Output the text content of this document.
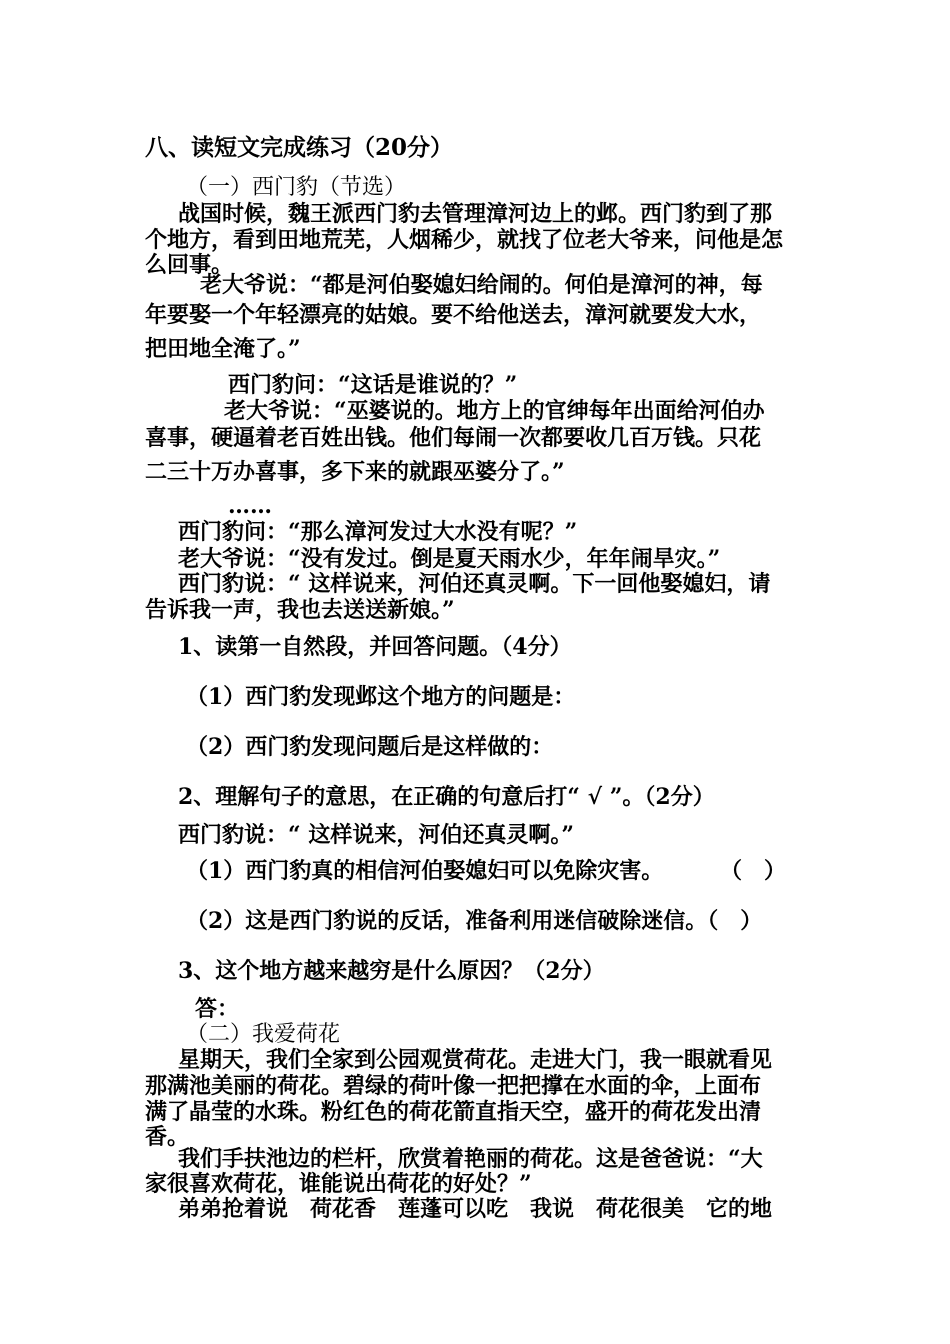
八、读短文完成练习（20分）
（一）西门豹（节选）
战国时候，魏王派西门豹去管理漳河边上的邺。西门豹到了那
个地方，看到田地荒芜，人烟稀少，就找了位老大爷来，问他是怎
么回事。
老大爷说：“都是河伯娶媳妇给闹的。何伯是漳河的神，每
年要娶一个年轻漂亮的姑娘。要不给他送去，漳河就要发大水，
把田地全淹了。”
西门豹问：“这话是谁说的？”
老大爷说：“巫婆说的。地方上的官绅每年出面给河伯办
喜事，硬逼着老百姓出钱。他们每闹一次都要收几百万钱。只花
二三十万办喜事，多下来的就跟巫婆分了。”
……
西门豹问：“那么漳河发过大水没有呢？”
老大爷说：“没有发过。倒是夏天雨水少，年年闹旱灾。”
西门豹说：“ 这样说来，河伯还真灵啊。下一回他娶媳妇，请
告诉我一声，我也去送送新娘。”
1、读第一自然段，并回答问题。（4分）
（1）西门豹发现邺这个地方的问题是：
（2）西门豹发现问题后是这样做的：
2、理解句子的意思，在正确的句意后打“ √ ”。（2分）
西门豹说：“ 这样说来，河伯还真灵啊。”
（1）西门豹真的相信河伯娶媳妇可以免除灾害。	（　）
（2）这是西门豹说的反话，准备利用迷信破除迷信。（　）
3、这个地方越来越穷是什么原因？（2分）
答：
（二）我爱荷花
星期天，我们全家到公园观赏荷花。走进大门，我一眼就看见
那满池美丽的荷花。碧绿的荷叶像一把把撑在水面的伞，上面布
满了晶莹的水珠。粉红色的荷花箭直指天空，盛开的荷花发出清
香。
我们手扶池边的栏杆，欣赏着艳丽的荷花。这是爸爸说：“大
家很喜欢荷花，谁能说出荷花的好处？”
弟弟抢着说　荷花香　莲蓬可以吃　我说　荷花很美　它的地
